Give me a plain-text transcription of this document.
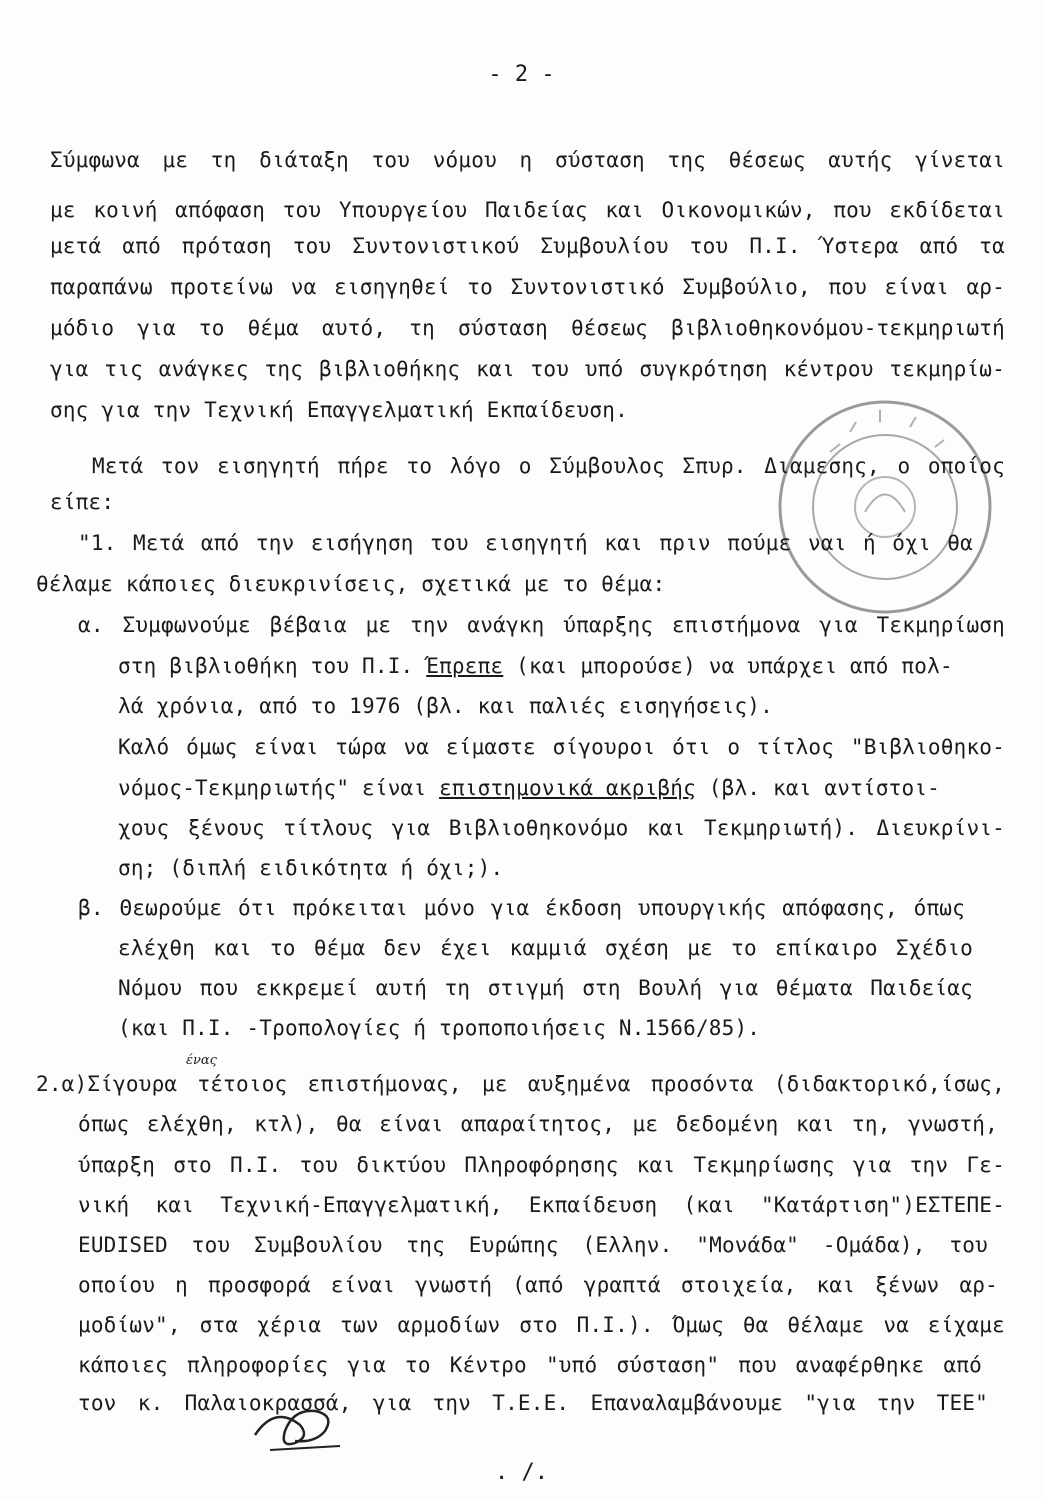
- 2 -
Σύμφωνα με τη διάταξη του νόμου η σύσταση της θέσεως αυτής γίνεται
με κοινή απόφαση του Υπουργείου Παιδείας και Οικονομικών, που εκδίδεται
μετά από πρόταση του Συντονιστικού Συμβουλίου του Π.Ι. Ύστερα από τα
παραπάνω προτείνω να εισηγηθεί το Συντονιστικό Συμβούλιο, που είναι αρ-
μόδιο για το θέμα αυτό, τη σύσταση θέσεως βιβλιοθηκονόμου-τεκμηριωτή
για τις ανάγκες της βιβλιοθήκης και του υπό συγκρότηση κέντρου τεκμηρίω-
σης για την Τεχνική Επαγγελματική Εκπαίδευση.
Μετά τον εισηγητή πήρε το λόγο ο Σύμβουλος Σπυρ. Διαμεσης, ο οποίος
είπε:
"1. Μετά από την εισήγηση του εισηγητή και πριν πούμε ναι ή όχι θα
θέλαμε κάποιες διευκρινίσεις, σχετικά με το θέμα:
α. Συμφωνούμε βέβαια με την ανάγκη ύπαρξης επιστήμονα για Τεκμηρίωση
στη βιβλιοθήκη του Π.Ι. Έπρεπε (και μπορούσε) να υπάρχει από πολ-
λά χρόνια, από το 1976 (βλ. και παλιές εισηγήσεις).
Καλό όμως είναι τώρα να είμαστε σίγουροι ότι ο τίτλος "Βιβλιοθηκο-
νόμος-Τεκμηριωτής" είναι επιστημονικά ακριβής (βλ. και αντίστοι-
χους ξένους τίτλους για Βιβλιοθηκονόμο και Τεκμηριωτή). Διευκρίνι-
ση; (διπλή ειδικότητα ή όχι;).
β. Θεωρούμε ότι πρόκειται μόνο για έκδοση υπουργικής απόφασης, όπως
ελέχθη και το θέμα δεν έχει καμμιά σχέση με το επίκαιρο Σχέδιο
Νόμου που εκκρεμεί αυτή τη στιγμή στη Βουλή για θέματα Παιδείας
(και Π.Ι. -Τροπολογίες ή τροποποιήσεις Ν.1566/85).
ένας
2.α)Σίγουρα τέτοιος επιστήμονας, με αυξημένα προσόντα (διδακτορικό,ίσως,
όπως ελέχθη, κτλ), θα είναι απαραίτητος, με δεδομένη και τη, γνωστή,
ύπαρξη στο Π.Ι. του δικτύου Πληροφόρησης και Τεκμηρίωσης για την Γε-
νική και Τεχνική-Επαγγελματική, Εκπαίδευση (και "Κατάρτιση")ΕΣΤΕΠΕ-
EUDISED του Συμβουλίου της Ευρώπης (Ελλην. "Μονάδα" -Ομάδα), του
οποίου η προσφορά είναι γνωστή (από γραπτά στοιχεία, και ξένων αρ-
μοδίων", στα χέρια των αρμοδίων στο Π.Ι.). Όμως θα θέλαμε να είχαμε
κάποιες πληροφορίες για το Κέντρο "υπό σύσταση" που αναφέρθηκε από
τον κ. Παλαιοκρασσά, για την Τ.Ε.Ε. Επαναλαμβάνουμε "για την ΤΕΕ"
. /.
